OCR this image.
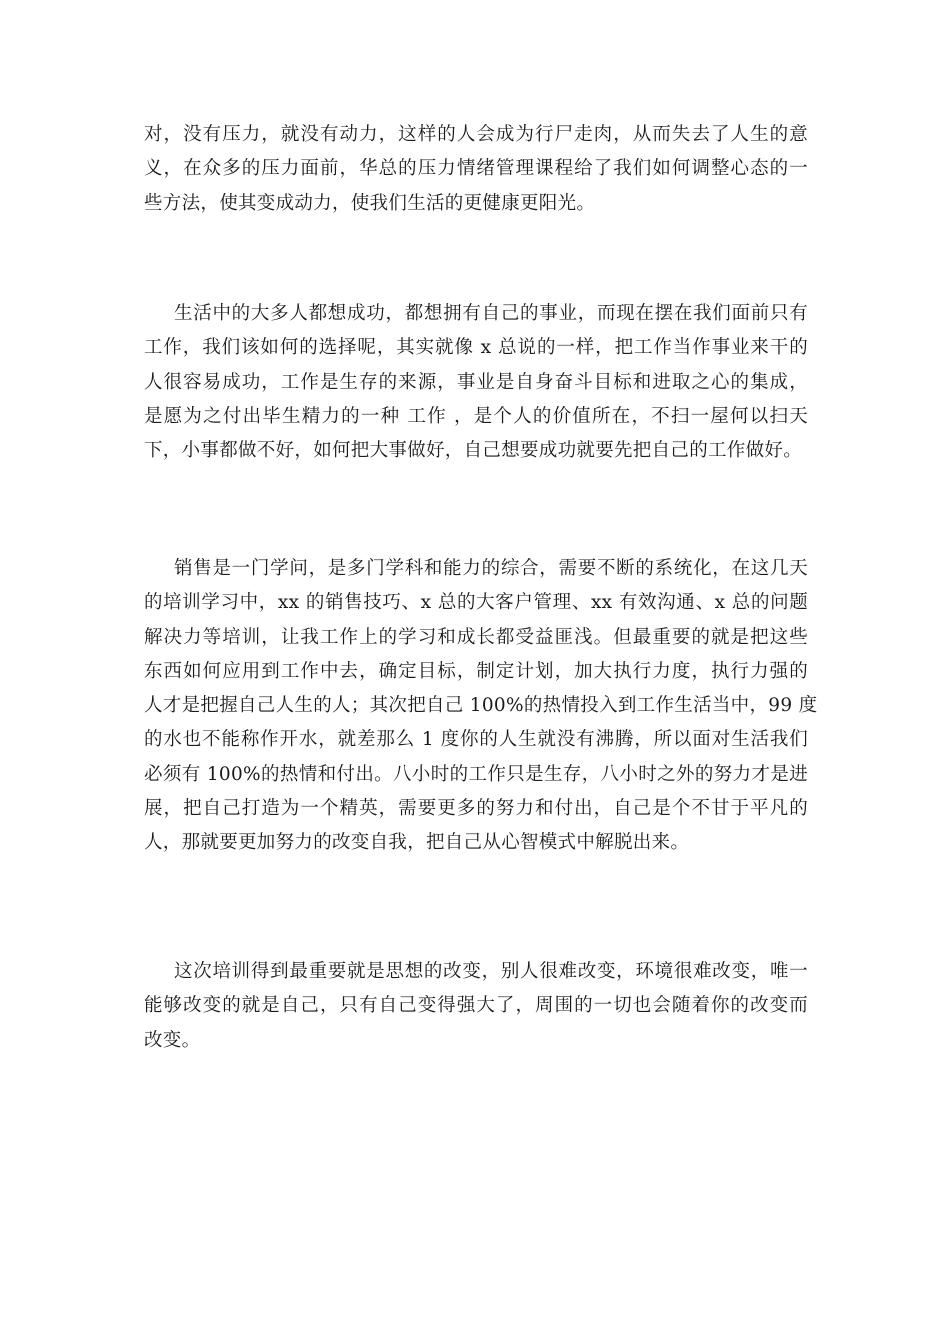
对，没有压力，就没有动力，这样的人会成为行尸走肉，从而失去了人生的意
义，在众多的压力面前，华总的压力情绪管理课程给了我们如何调整心态的一
些方法，使其变成动力，使我们生活的更健康更阳光。

生活中的大多人都想成功，都想拥有自己的事业，而现在摆在我们面前只有
工作，我们该如何的选择呢，其实就像 x 总说的一样，把工作当作事业来干的
人很容易成功，工作是生存的来源，事业是自身奋斗目标和进取之心的集成，
是愿为之付出毕生精力的一种 工作 ，是个人的价值所在，不扫一屋何以扫天
下，小事都做不好，如何把大事做好，自己想要成功就要先把自己的工作做好。

销售是一门学问，是多门学科和能力的综合，需要不断的系统化，在这几天
的培训学习中，xx 的销售技巧、x 总的大客户管理、xx 有效沟通、x 总的问题
解决力等培训，让我工作上的学习和成长都受益匪浅。但最重要的就是把这些
东西如何应用到工作中去，确定目标，制定计划，加大执行力度，执行力强的
人才是把握自己人生的人；其次把自己 100%的热情投入到工作生活当中，99 度
的水也不能称作开水，就差那么 1 度你的人生就没有沸腾，所以面对生活我们
必须有 100%的热情和付出。八小时的工作只是生存，八小时之外的努力才是进
展，把自己打造为一个精英，需要更多的努力和付出，自己是个不甘于平凡的
人，那就要更加努力的改变自我，把自己从心智模式中解脱出来。

这次培训得到最重要就是思想的改变，别人很难改变，环境很难改变，唯一
能够改变的就是自己，只有自己变得强大了，周围的一切也会随着你的改变而
改变。
